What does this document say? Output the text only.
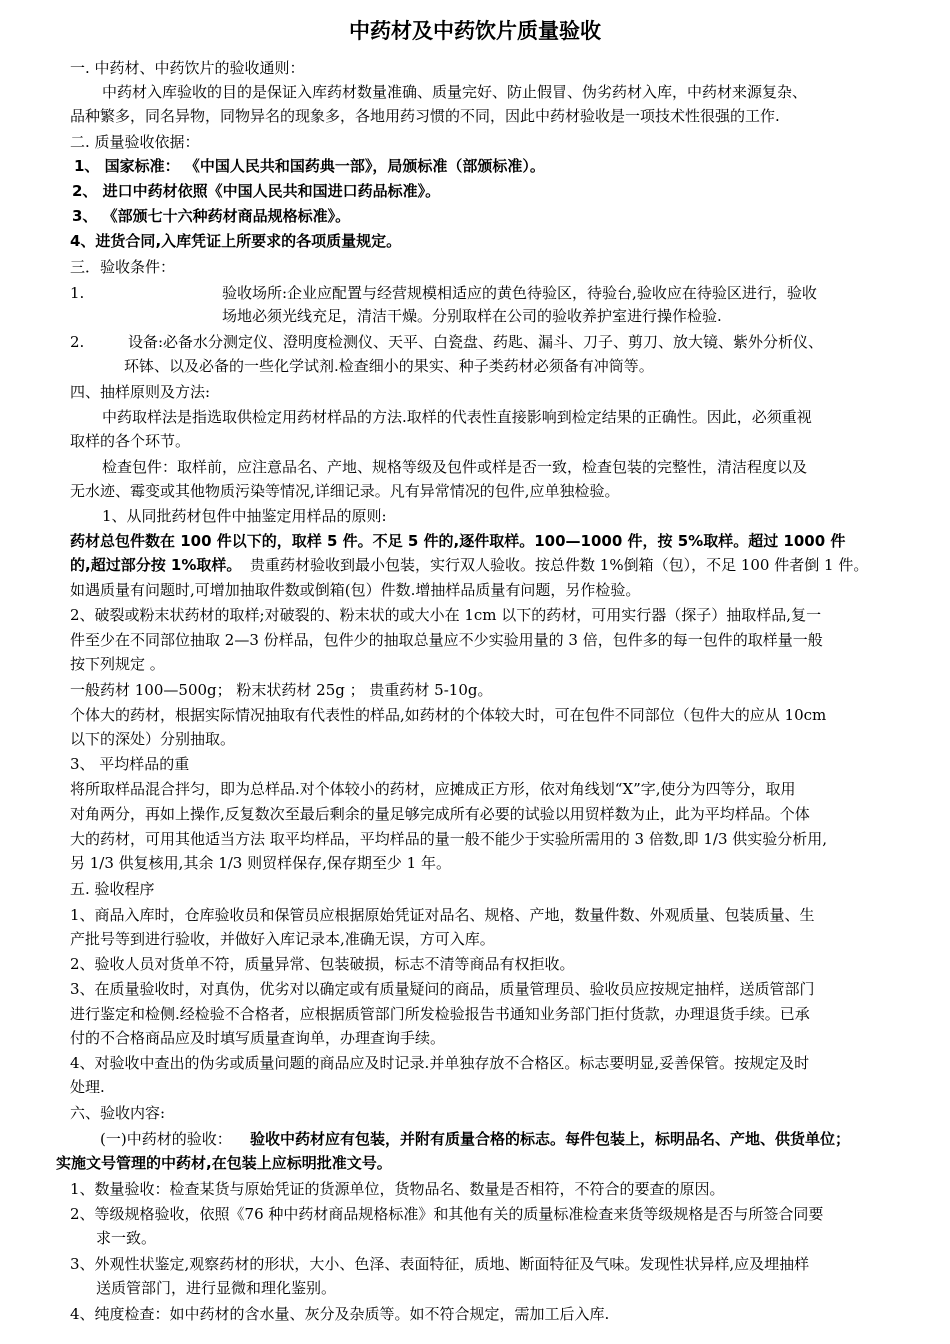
中药材及中药饮片质量验收
一. 中药材、中药饮片的验收通则：
中药材入库验收的目的是保证入库药材数量准确、质量完好、防止假冒、伪劣药材入库，中药材来源复杂、
品种繁多，同名异物，同物异名的现象多，各地用药习惯的不同，因此中药材验收是一项技术性很强的工作.
二. 质量验收依据：
1、 国家标准： 《中国人民共和国药典一部》，局颁标准（部颁标准）。
2、 进口中药材依照《中国人民共和国进口药品标准》。
3、 《部颁七十六种药材商品规格标准》。
4、进货合同,入库凭证上所要求的各项质量规定。
三．验收条件：
1.	验收场所:企业应配置与经营规模相适应的黄色待验区，待验台,验收应在待验区进行，验收
场地必须光线充足，清洁干燥。分别取样在公司的验收养护室进行操作检验.
2.	设备:必备水分测定仪、澄明度检测仪、天平、白瓷盘、药匙、漏斗、刀子、剪刀、放大镜、紫外分析仪、
环钵、以及必备的一些化学试剂.检查细小的果实、种子类药材必须备有冲筒等。
四、抽样原则及方法:
中药取样法是指选取供检定用药材样品的方法.取样的代表性直接影响到检定结果的正确性。因此，必须重视
取样的各个环节。
检查包件：取样前，应注意品名、产地、规格等级及包件或样是否一致，检查包装的完整性，清洁程度以及
无水迹、霉变或其他物质污染等情况,详细记录。凡有异常情况的包件,应单独检验。
1、从同批药材包件中抽鉴定用样品的原则:
药材总包件数在 100 件以下的，取样 5 件。不足 5 件的,逐件取样。100—1000 件，按 5%取样。超过 1000 件
的,超过部分按 1%取样。 贵重药材验收到最小包装，实行双人验收。按总件数 1%倒箱（包），不足 100 件者倒 1 件。
如遇质量有问题时,可增加抽取件数或倒箱(包）件数.增抽样品质量有问题，另作检验。
2、破裂或粉末状药材的取样;对破裂的、粉末状的或大小在 1cm 以下的药材，可用实行器（探子）抽取样品,复一
件至少在不同部位抽取 2—3 份样品，包件少的抽取总量应不少实验用量的 3 倍，包件多的每一包件的取样量一般
按下列规定 。
一般药材 100—500g； 粉末状药材 25g ； 贵重药材 5-10g。
个体大的药材，根据实际情况抽取有代表性的样品,如药材的个体较大时，可在包件不同部位（包件大的应从 10cm
以下的深处）分别抽取。
3、 平均样品的重
将所取样品混合拌匀，即为总样品.对个体较小的药材，应摊成正方形，依对角线划“X”字,使分为四等分，取用
对角两分，再如上操作,反复数次至最后剩余的量足够完成所有必要的试验以用贸样数为止，此为平均样品。个体
大的药材，可用其他适当方法 取平均样品，平均样品的量一般不能少于实验所需用的 3 倍数,即 1/3 供实验分析用,
另 1/3 供复核用,其余 1/3 则贸样保存,保存期至少 1 年。
五. 验收程序
1、商品入库时，仓库验收员和保管员应根据原始凭证对品名、规格、产地，数量件数、外观质量、包装质量、生
产批号等到进行验收，并做好入库记录本,准确无误，方可入库。
2、验收人员对货单不符，质量异常、包装破损，标志不清等商品有权拒收。
3、在质量验收时，对真伪，优劣对以确定或有质量疑问的商品，质量管理员、验收员应按规定抽样，送质管部门
进行鉴定和检侧.经检验不合格者，应根据质管部门所发检验报告书通知业务部门拒付货款，办理退货手续。已承
付的不合格商品应及时填写质量查询单，办理查询手续。
4、对验收中查出的伪劣或质量问题的商品应及时记录.并单独存放不合格区。标志要明显,妥善保管。按规定及时
处理.
六、验收内容:
(一)中药材的验收： 验收中药材应有包装，并附有质量合格的标志。每件包装上，标明品名、产地、供货单位；
实施文号管理的中药材,在包装上应标明批准文号。
1、数量验收：检查某货与原始凭证的货源单位，货物品名、数量是否相符，不符合的要查的原因。
2、等级规格验收，依照《76 种中药材商品规格标准》和其他有关的质量标准检查来货等级规格是否与所签合同要
求一致。
3、外观性状鉴定,观察药材的形状，大小、色泽、表面特征，质地、断面特征及气味。发现性状异样,应及埋抽样
送质管部门，进行显微和理化鉴别。
4、纯度检查：如中药材的含水量、灰分及杂质等。如不符合规定，需加工后入库.
